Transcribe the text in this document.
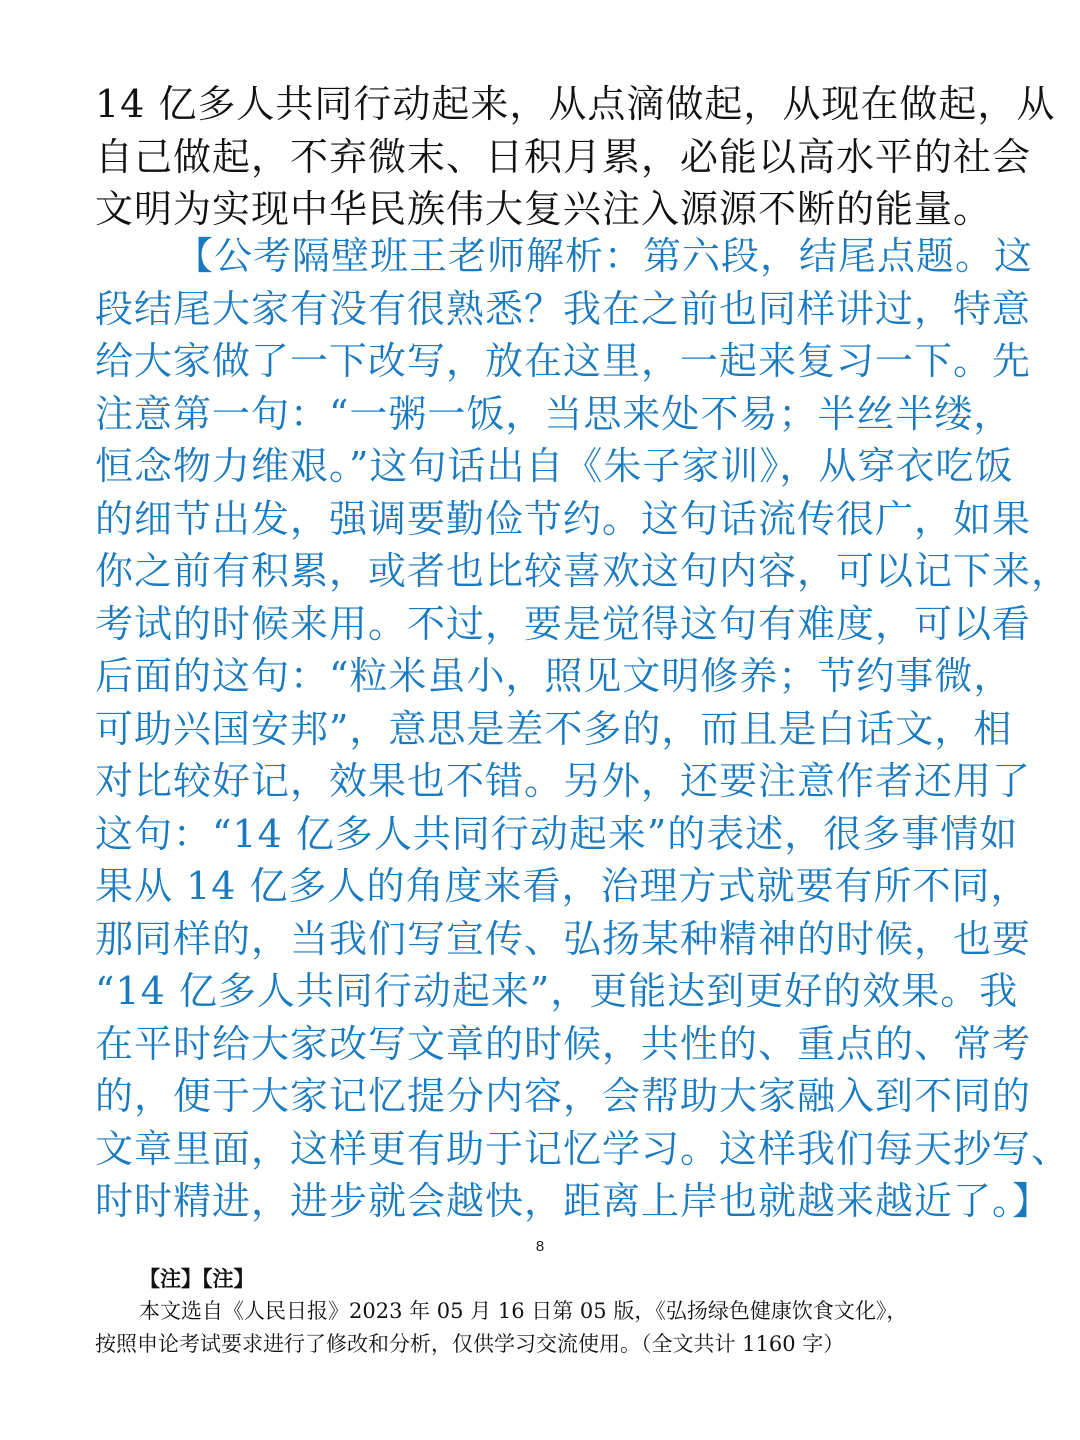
14 亿多人共同行动起来，从点滴做起，从现在做起，从
自己做起，不弃微末、日积月累，必能以高水平的社会
文明为实现中华民族伟大复兴注入源源不断的能量。
【公考隔壁班王老师解析：第六段，结尾点题。这
段结尾大家有没有很熟悉？我在之前也同样讲过，特意
给大家做了一下改写，放在这里，一起来复习一下。先
注意第一句：“一粥一饭，当思来处不易；半丝半缕，
恒念物力维艰。”这句话出自《朱子家训》，从穿衣吃饭
的细节出发，强调要勤俭节约。这句话流传很广，如果
你之前有积累，或者也比较喜欢这句内容，可以记下来，
考试的时候来用。不过，要是觉得这句有难度，可以看
后面的这句：“粒米虽小，照见文明修养；节约事微，
可助兴国安邦”，意思是差不多的，而且是白话文，相
对比较好记，效果也不错。另外，还要注意作者还用了
这句：“14 亿多人共同行动起来”的表述，很多事情如
果从 14 亿多人的角度来看，治理方式就要有所不同，
那同样的，当我们写宣传、弘扬某种精神的时候，也要
“14 亿多人共同行动起来”，更能达到更好的效果。我
在平时给大家改写文章的时候，共性的、重点的、常考
的，便于大家记忆提分内容，会帮助大家融入到不同的
文章里面，这样更有助于记忆学习。这样我们每天抄写、
时时精进，进步就会越快，距离上岸也就越来越近了。】
8
【注】【注】
本文选自《人民日报》2023 年 05 月 16 日第 05 版，《弘扬绿色健康饮食文化》，
按照申论考试要求进行了修改和分析，仅供学习交流使用。（全文共计 1160 字）
